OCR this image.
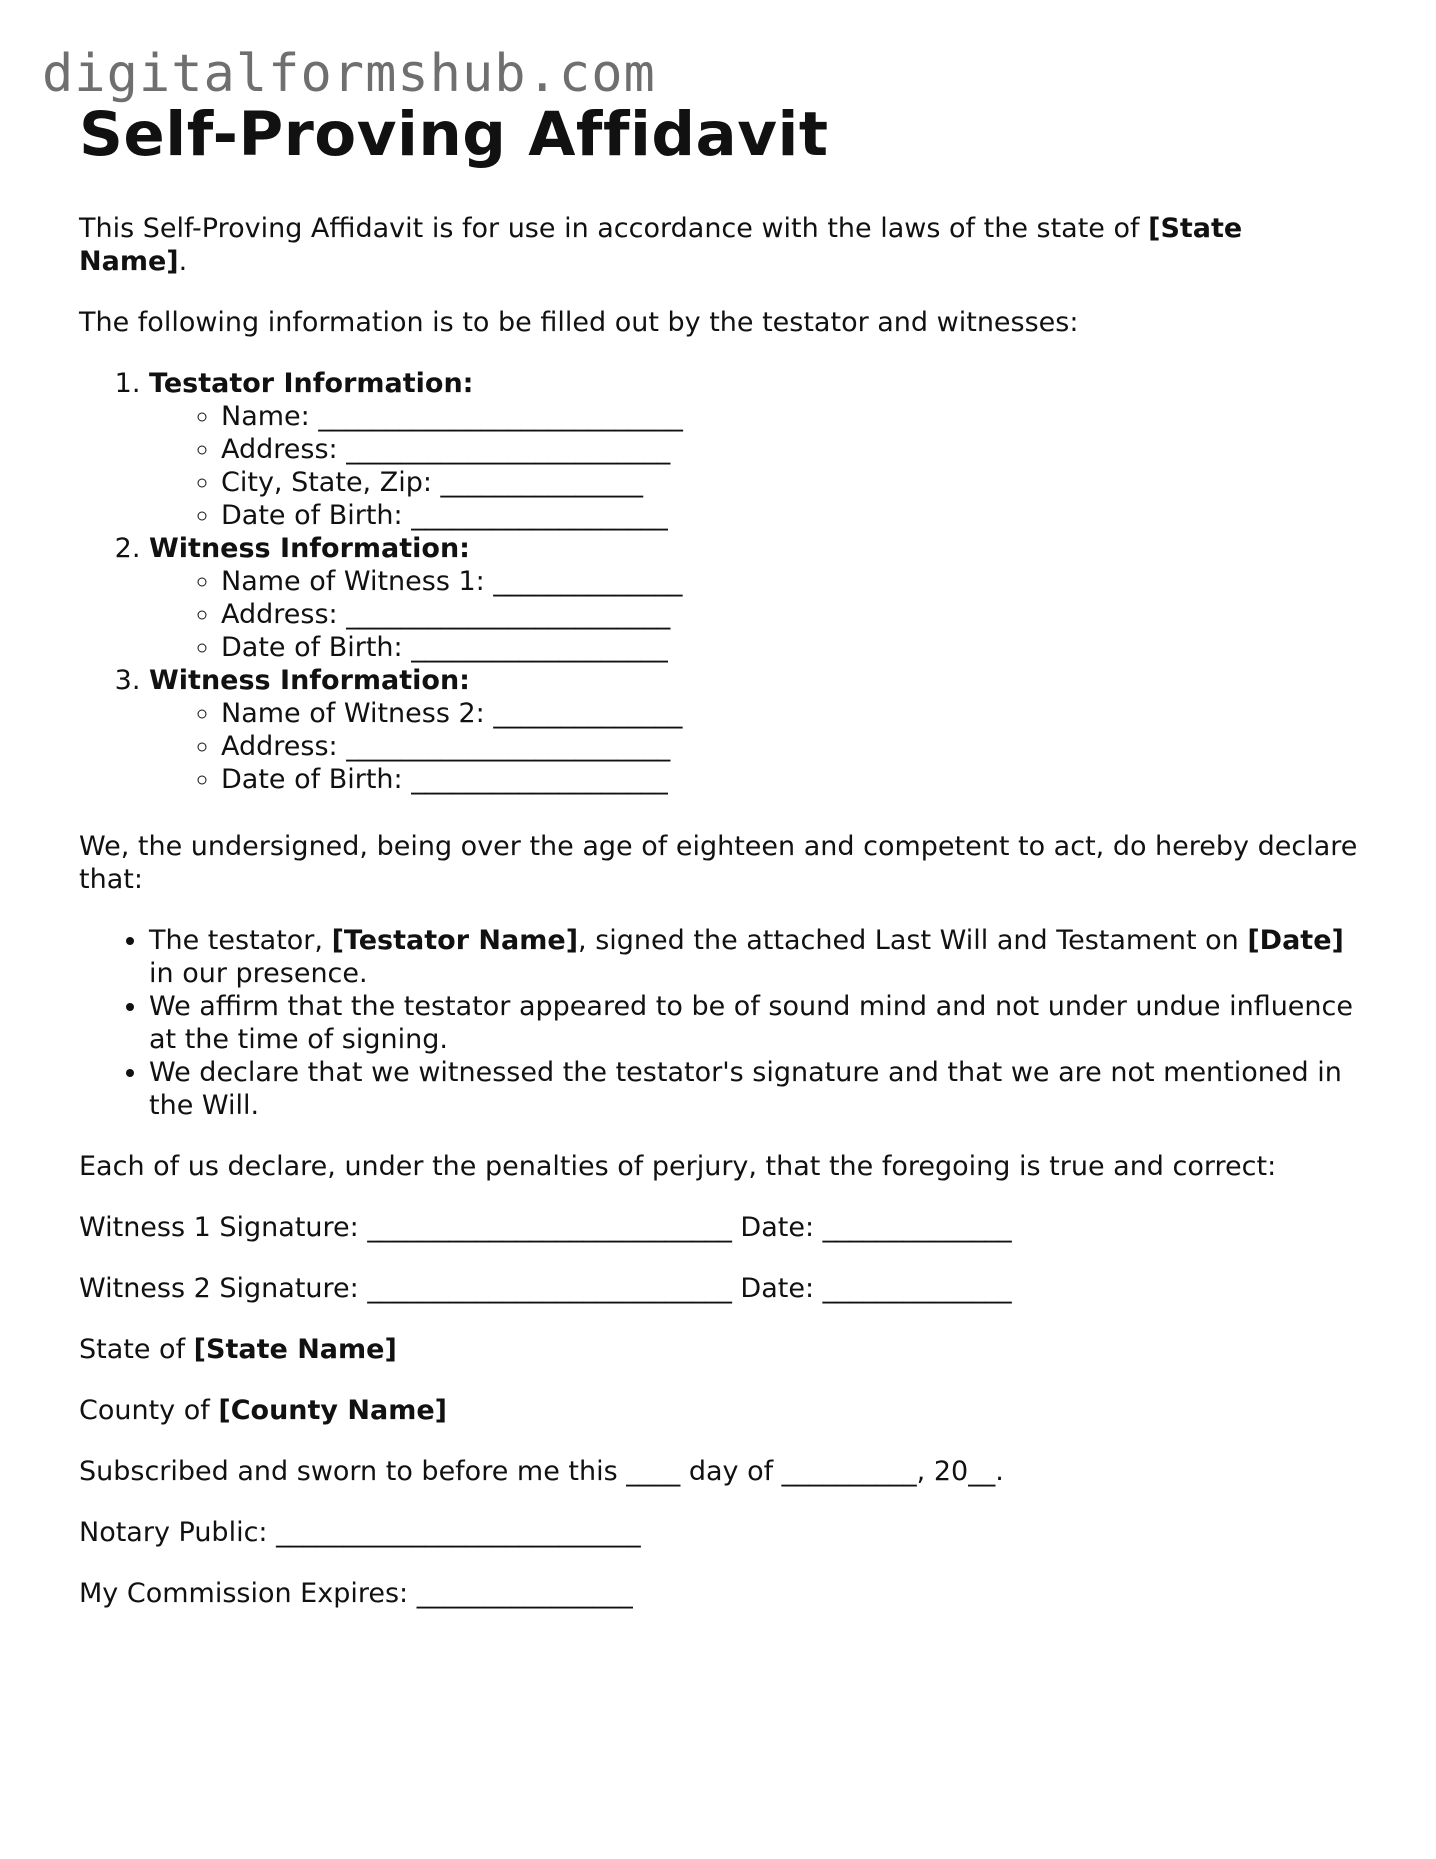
digitalformshub.com
Self-Proving Affidavit

This Self-Proving Affidavit is for use in accordance with the laws of the state of [State Name].

The following information is to be filled out by the testator and witnesses:

1. Testator Information:
◦ Name: ___________________________
◦ Address: ________________________
◦ City, State, Zip: _______________
◦ Date of Birth: ___________________
2. Witness Information:
◦ Name of Witness 1: ______________
◦ Address: ________________________
◦ Date of Birth: ___________________
3. Witness Information:
◦ Name of Witness 2: ______________
◦ Address: ________________________
◦ Date of Birth: ___________________

We, the undersigned, being over the age of eighteen and competent to act, do hereby declare that:

• The testator, [Testator Name], signed the attached Last Will and Testament on [Date] in our presence.
• We affirm that the testator appeared to be of sound mind and not under undue influence at the time of signing.
• We declare that we witnessed the testator's signature and that we are not mentioned in the Will.

Each of us declare, under the penalties of perjury, that the foregoing is true and correct:

Witness 1 Signature: ___________________________ Date: ______________

Witness 2 Signature: ___________________________ Date: ______________

State of [State Name]

County of [County Name]

Subscribed and sworn to before me this ____ day of __________, 20__.

Notary Public: ___________________________

My Commission Expires: ________________
